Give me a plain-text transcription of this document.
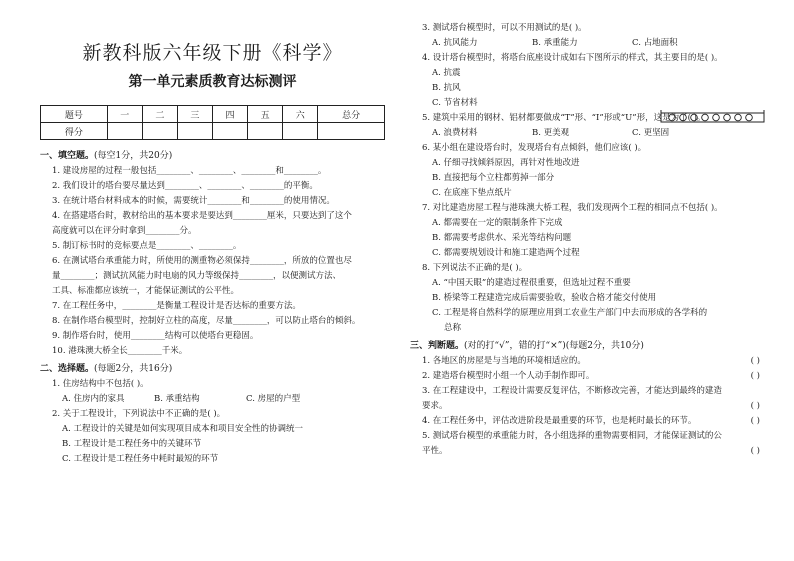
新教科版六年级下册《科学》
第一单元素质教育达标测评
题号	一	二	三	四	五	六	总分
得分							
一、填空题。(每空1分，共20分)
1. 建设房屋的过程一般包括________、________、________和________。
2. 我们设计的塔台要尽量达到________、________、________的平衡。
3. 在统计塔台材料成本的时候，需要统计________和________的使用情况。
4. 在搭建塔台时，教材给出的基本要求是要达到________厘米，只要达到了这个
高度就可以在评分时拿到________分。
5. 制订标书时的竞标要点是________、________。
6. 在测试塔台承重能力时，所使用的测重物必须保持________，所放的位置也尽
量________；测试抗风能力时电扇的风力等级保持________，以便测试方法、
工具、标准都应该统一，才能保证测试的公平性。
7. 在工程任务中，________是衡量工程设计是否达标的重要方法。
8. 在制作塔台模型时，控制好立柱的高度，尽量________，可以防止塔台的倾斜。
9. 制作塔台时，使用________结构可以使塔台更稳固。
10. 港珠澳大桥全长________千米。
二、选择题。(每题2分，共16分)
1. 住房结构中不包括( )。
A. 住房内的家具	B. 承重结构	C. 房屋的户型
2. 关于工程设计，下列说法中不正确的是( )。
A. 工程设计的关键是如何实现项目成本和项目安全性的协调统一
B. 工程设计是工程任务中的关键环节
C. 工程设计是工程任务中耗时最短的环节
3. 测试塔台模型时，可以不用测试的是( )。
A. 抗风能力	B. 承重能力	C. 占地面积
4. 设计塔台模型时，将塔台底座设计成如右下图所示的样式，其主要目的是( )。
A. 抗震
B. 抗风
C. 节省材料
5. 建筑中采用的钢材、铝材都要做成“T”形、“I”形或“U”形，这是为了( )。
A. 浪费材料	B. 更美观	C. 更坚固
6. 某小组在建设塔台时，发现塔台有点倾斜，他们应该( )。
A. 仔细寻找倾斜原因，再针对性地改进
B. 直接把每个立柱都剪掉一部分
C. 在底座下垫点纸片
7. 对比建造房屋工程与港珠澳大桥工程，我们发现两个工程的相同点不包括( )。
A. 都需要在一定的限制条件下完成
B. 都需要考虑供水、采光等结构问题
C. 都需要规划设计和施工建造两个过程
8. 下列说法不正确的是( )。
A. “中国天眼”的建造过程很重要，但选址过程不重要
B. 桥梁等工程建造完成后需要验收，验收合格才能交付使用
C. 工程是将自然科学的原理应用到工农业生产部门中去而形成的各学科的
总称
三、判断题。(对的打“√”，错的打“×”)(每题2分，共10分)
1. 各地区的房屋是与当地的环境相适应的。	( )
2. 建造塔台模型时小组一个人动手制作即可。	( )
3. 在工程建设中，工程设计需要反复评估，不断修改完善，才能达到最终的建造
要求。	( )
4. 在工程任务中，评估改进阶段是最重要的环节，也是耗时最长的环节。	( )
5. 测试塔台模型的承重能力时，各小组选择的重物需要相同，才能保证测试的公
平性。	( )
